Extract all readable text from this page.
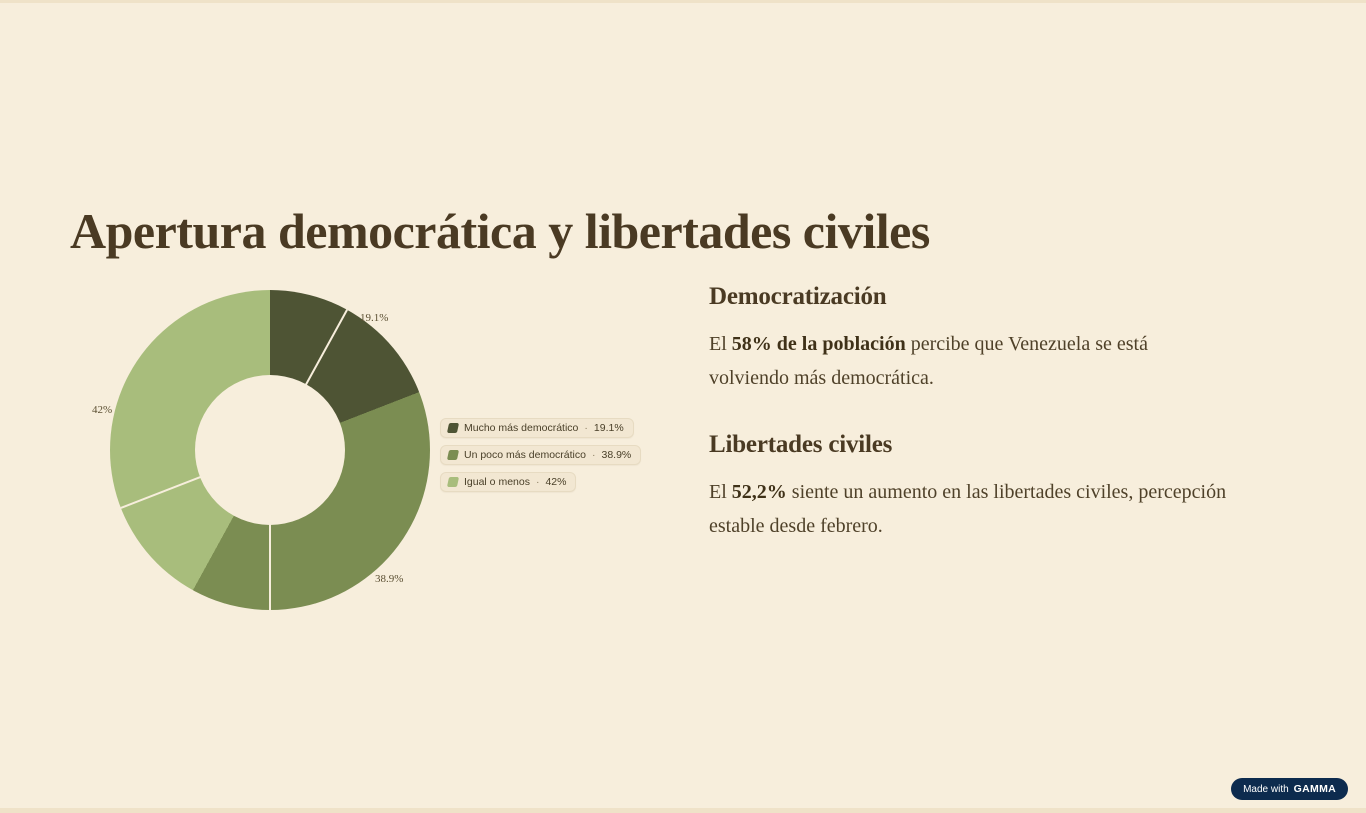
Apertura democrática y libertades civiles
19.1%
38.9%
42%
Mucho más democrático · 19.1%
Un poco más democrático · 38.9%
Igual o menos · 42%
Democratización

El 58% de la población percibe que Venezuela se está volviendo más democrática.

Libertades civiles

El 52,2% siente un aumento en las libertades civiles, percepción estable desde febrero.

Made with GAMMA
